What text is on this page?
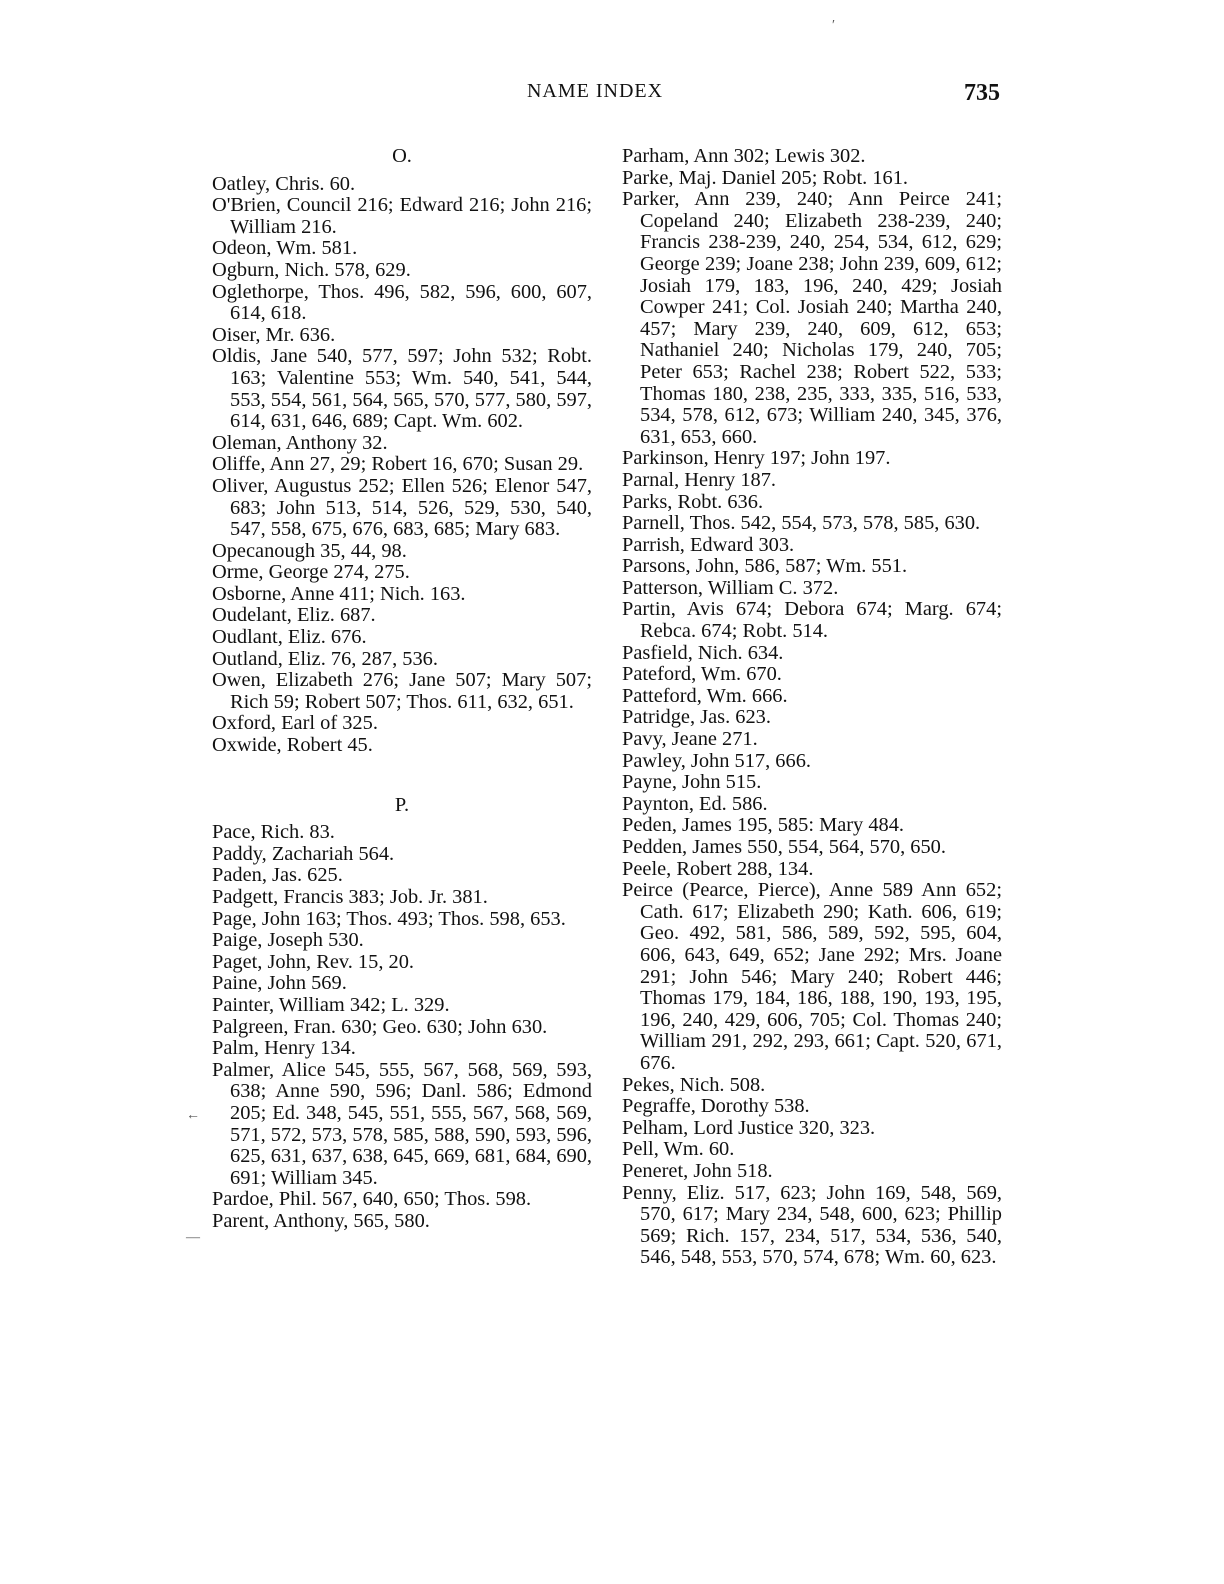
NAME INDEX	735
′
←
—
O.

Oatley, Chris. 60.

O'Brien, Council 216; Edward 216; John 216; William 216.

Odeon, Wm. 581.

Ogburn, Nich. 578, 629.

Oglethorpe, Thos. 496, 582, 596, 600, 607, 614, 618.

Oiser, Mr. 636.

Oldis, Jane 540, 577, 597; John 532; Robt. 163; Valentine 553; Wm. 540, 541, 544, 553, 554, 561, 564, 565, 570, 577, 580, 597, 614, 631, 646, 689; Capt. Wm. 602.

Oleman, Anthony 32.

Oliffe, Ann 27, 29; Robert 16, 670; Susan 29.

Oliver, Augustus 252; Ellen 526; Elenor 547, 683; John 513, 514, 526, 529, 530, 540, 547, 558, 675, 676, 683, 685; Mary 683.

Opecanough 35, 44, 98.

Orme, George 274, 275.

Osborne, Anne 411; Nich. 163.

Oudelant, Eliz. 687.

Oudlant, Eliz. 676.

Outland, Eliz. 76, 287, 536.

Owen, Elizabeth 276; Jane 507; Mary 507; Rich 59; Robert 507; Thos. 611, 632, 651.

Oxford, Earl of 325.

Oxwide, Robert 45.

P.

Pace, Rich. 83.

Paddy, Zachariah 564.

Paden, Jas. 625.

Padgett, Francis 383; Job. Jr. 381.

Page, John 163; Thos. 493; Thos. 598, 653.

Paige, Joseph 530.

Paget, John, Rev. 15, 20.

Paine, John 569.

Painter, William 342; L. 329.

Palgreen, Fran. 630; Geo. 630; John 630.

Palm, Henry 134.

Palmer, Alice 545, 555, 567, 568, 569, 593, 638; Anne 590, 596; Danl. 586; Edmond 205; Ed. 348, 545, 551, 555, 567, 568, 569, 571, 572, 573, 578, 585, 588, 590, 593, 596, 625, 631, 637, 638, 645, 669, 681, 684, 690, 691; William 345.

Pardoe, Phil. 567, 640, 650; Thos. 598.

Parent, Anthony, 565, 580.

Parham, Ann 302; Lewis 302.

Parke, Maj. Daniel 205; Robt. 161.

Parker, Ann 239, 240; Ann Peirce 241; Copeland 240; Elizabeth 238-239, 240; Francis 238-239, 240, 254, 534, 612, 629; George 239; Joane 238; John 239, 609, 612; Josiah 179, 183, 196, 240, 429; Josiah Cowper 241; Col. Josiah 240; Martha 240, 457; Mary 239, 240, 609, 612, 653; Nathaniel 240; Nicholas 179, 240, 705; Peter 653; Rachel 238; Robert 522, 533; Thomas 180, 238, 235, 333, 335, 516, 533, 534, 578, 612, 673; William 240, 345, 376, 631, 653, 660.

Parkinson, Henry 197; John 197.

Parnal, Henry 187.

Parks, Robt. 636.

Parnell, Thos. 542, 554, 573, 578, 585, 630.

Parrish, Edward 303.

Parsons, John, 586, 587; Wm. 551.

Patterson, William C. 372.

Partin, Avis 674; Debora 674; Marg. 674; Rebca. 674; Robt. 514.

Pasfield, Nich. 634.

Pateford, Wm. 670.

Patteford, Wm. 666.

Patridge, Jas. 623.

Pavy, Jeane 271.

Pawley, John 517, 666.

Payne, John 515.

Paynton, Ed. 586.

Peden, James 195, 585: Mary 484.

Pedden, James 550, 554, 564, 570, 650.

Peele, Robert 288, 134.

Peirce (Pearce, Pierce), Anne 589 Ann 652; Cath. 617; Elizabeth 290; Kath. 606, 619; Geo. 492, 581, 586, 589, 592, 595, 604, 606, 643, 649, 652; Jane 292; Mrs. Joane 291; John 546; Mary 240; Robert 446; Thomas 179, 184, 186, 188, 190, 193, 195, 196, 240, 429, 606, 705; Col. Thomas 240; William 291, 292, 293, 661; Capt. 520, 671, 676.

Pekes, Nich. 508.

Pegraffe, Dorothy 538.

Pelham, Lord Justice 320, 323.

Pell, Wm. 60.

Peneret, John 518.

Penny, Eliz. 517, 623; John 169, 548, 569, 570, 617; Mary 234, 548, 600, 623; Phillip 569; Rich. 157, 234, 517, 534, 536, 540, 546, 548, 553, 570, 574, 678; Wm. 60, 623.
